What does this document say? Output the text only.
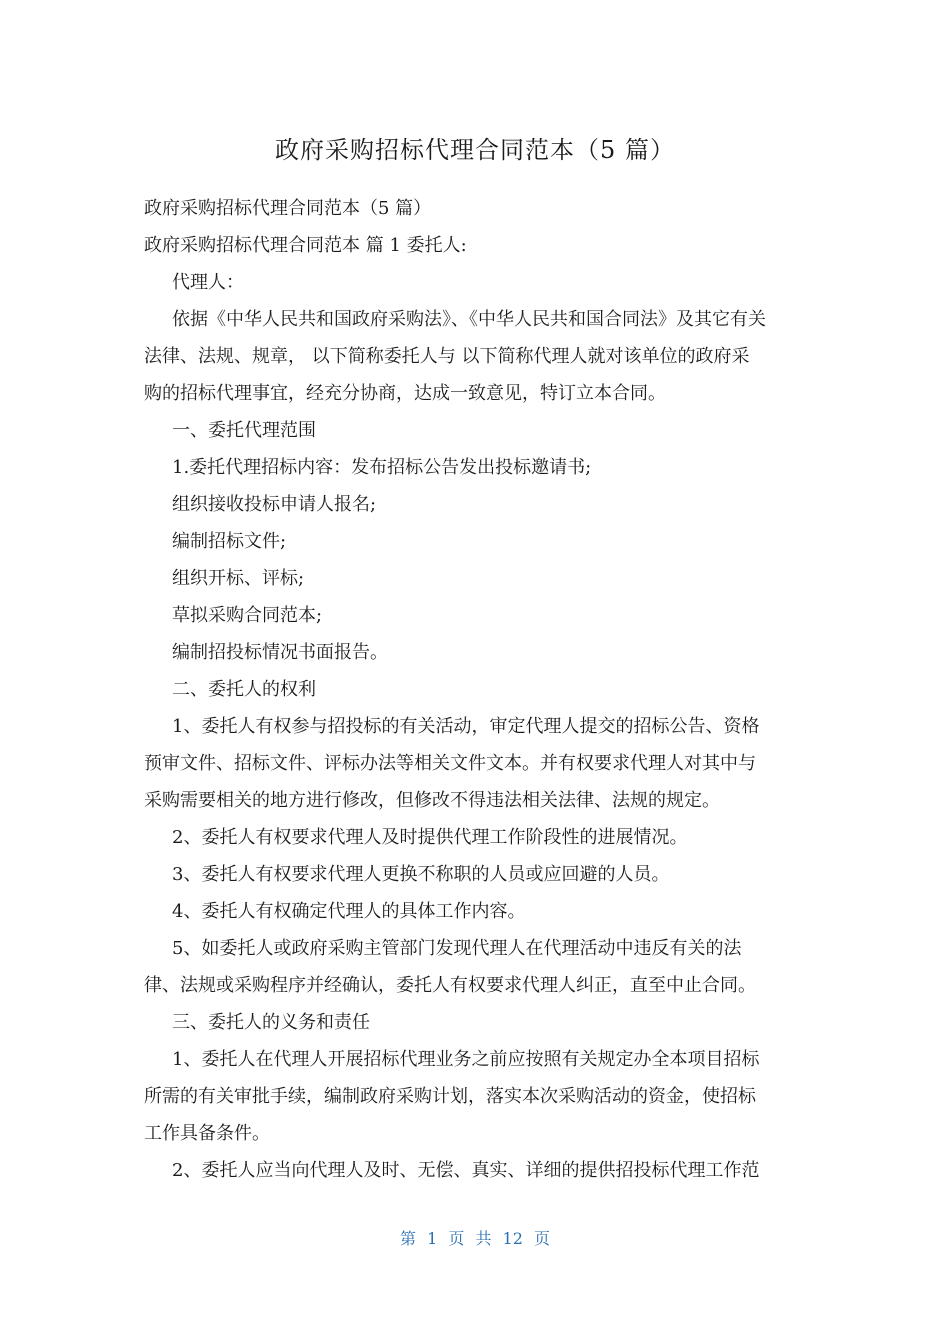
政府采购招标代理合同范本（5 篇）
政府采购招标代理合同范本（5 篇）
政府采购招标代理合同范本 篇 1 委托人:
代理人：
依据《中华人民共和国政府采购法》、《中华人民共和国合同法》及其它有关
法律、法规、规章， 以下简称委托人与 以下简称代理人就对该单位的政府采
购的招标代理事宜，经充分协商，达成一致意见，特订立本合同。
一、委托代理范围
1.委托代理招标内容：发布招标公告发出投标邀请书;
组织接收投标申请人报名;
编制招标文件;
组织开标、评标;
草拟采购合同范本;
编制招投标情况书面报告。
二、委托人的权利
1、委托人有权参与招投标的有关活动，审定代理人提交的招标公告、资格
预审文件、招标文件、评标办法等相关文件文本。并有权要求代理人对其中与
采购需要相关的地方进行修改，但修改不得违法相关法律、法规的规定。
2、委托人有权要求代理人及时提供代理工作阶段性的进展情况。
3、委托人有权要求代理人更换不称职的人员或应回避的人员。
4、委托人有权确定代理人的具体工作内容。
5、如委托人或政府采购主管部门发现代理人在代理活动中违反有关的法
律、法规或采购程序并经确认，委托人有权要求代理人纠正，直至中止合同。
三、委托人的义务和责任
1、委托人在代理人开展招标代理业务之前应按照有关规定办全本项目招标
所需的有关审批手续，编制政府采购计划，落实本次采购活动的资金，使招标
工作具备条件。
2、委托人应当向代理人及时、无偿、真实、详细的提供招投标代理工作范
第 1 页 共 12 页
